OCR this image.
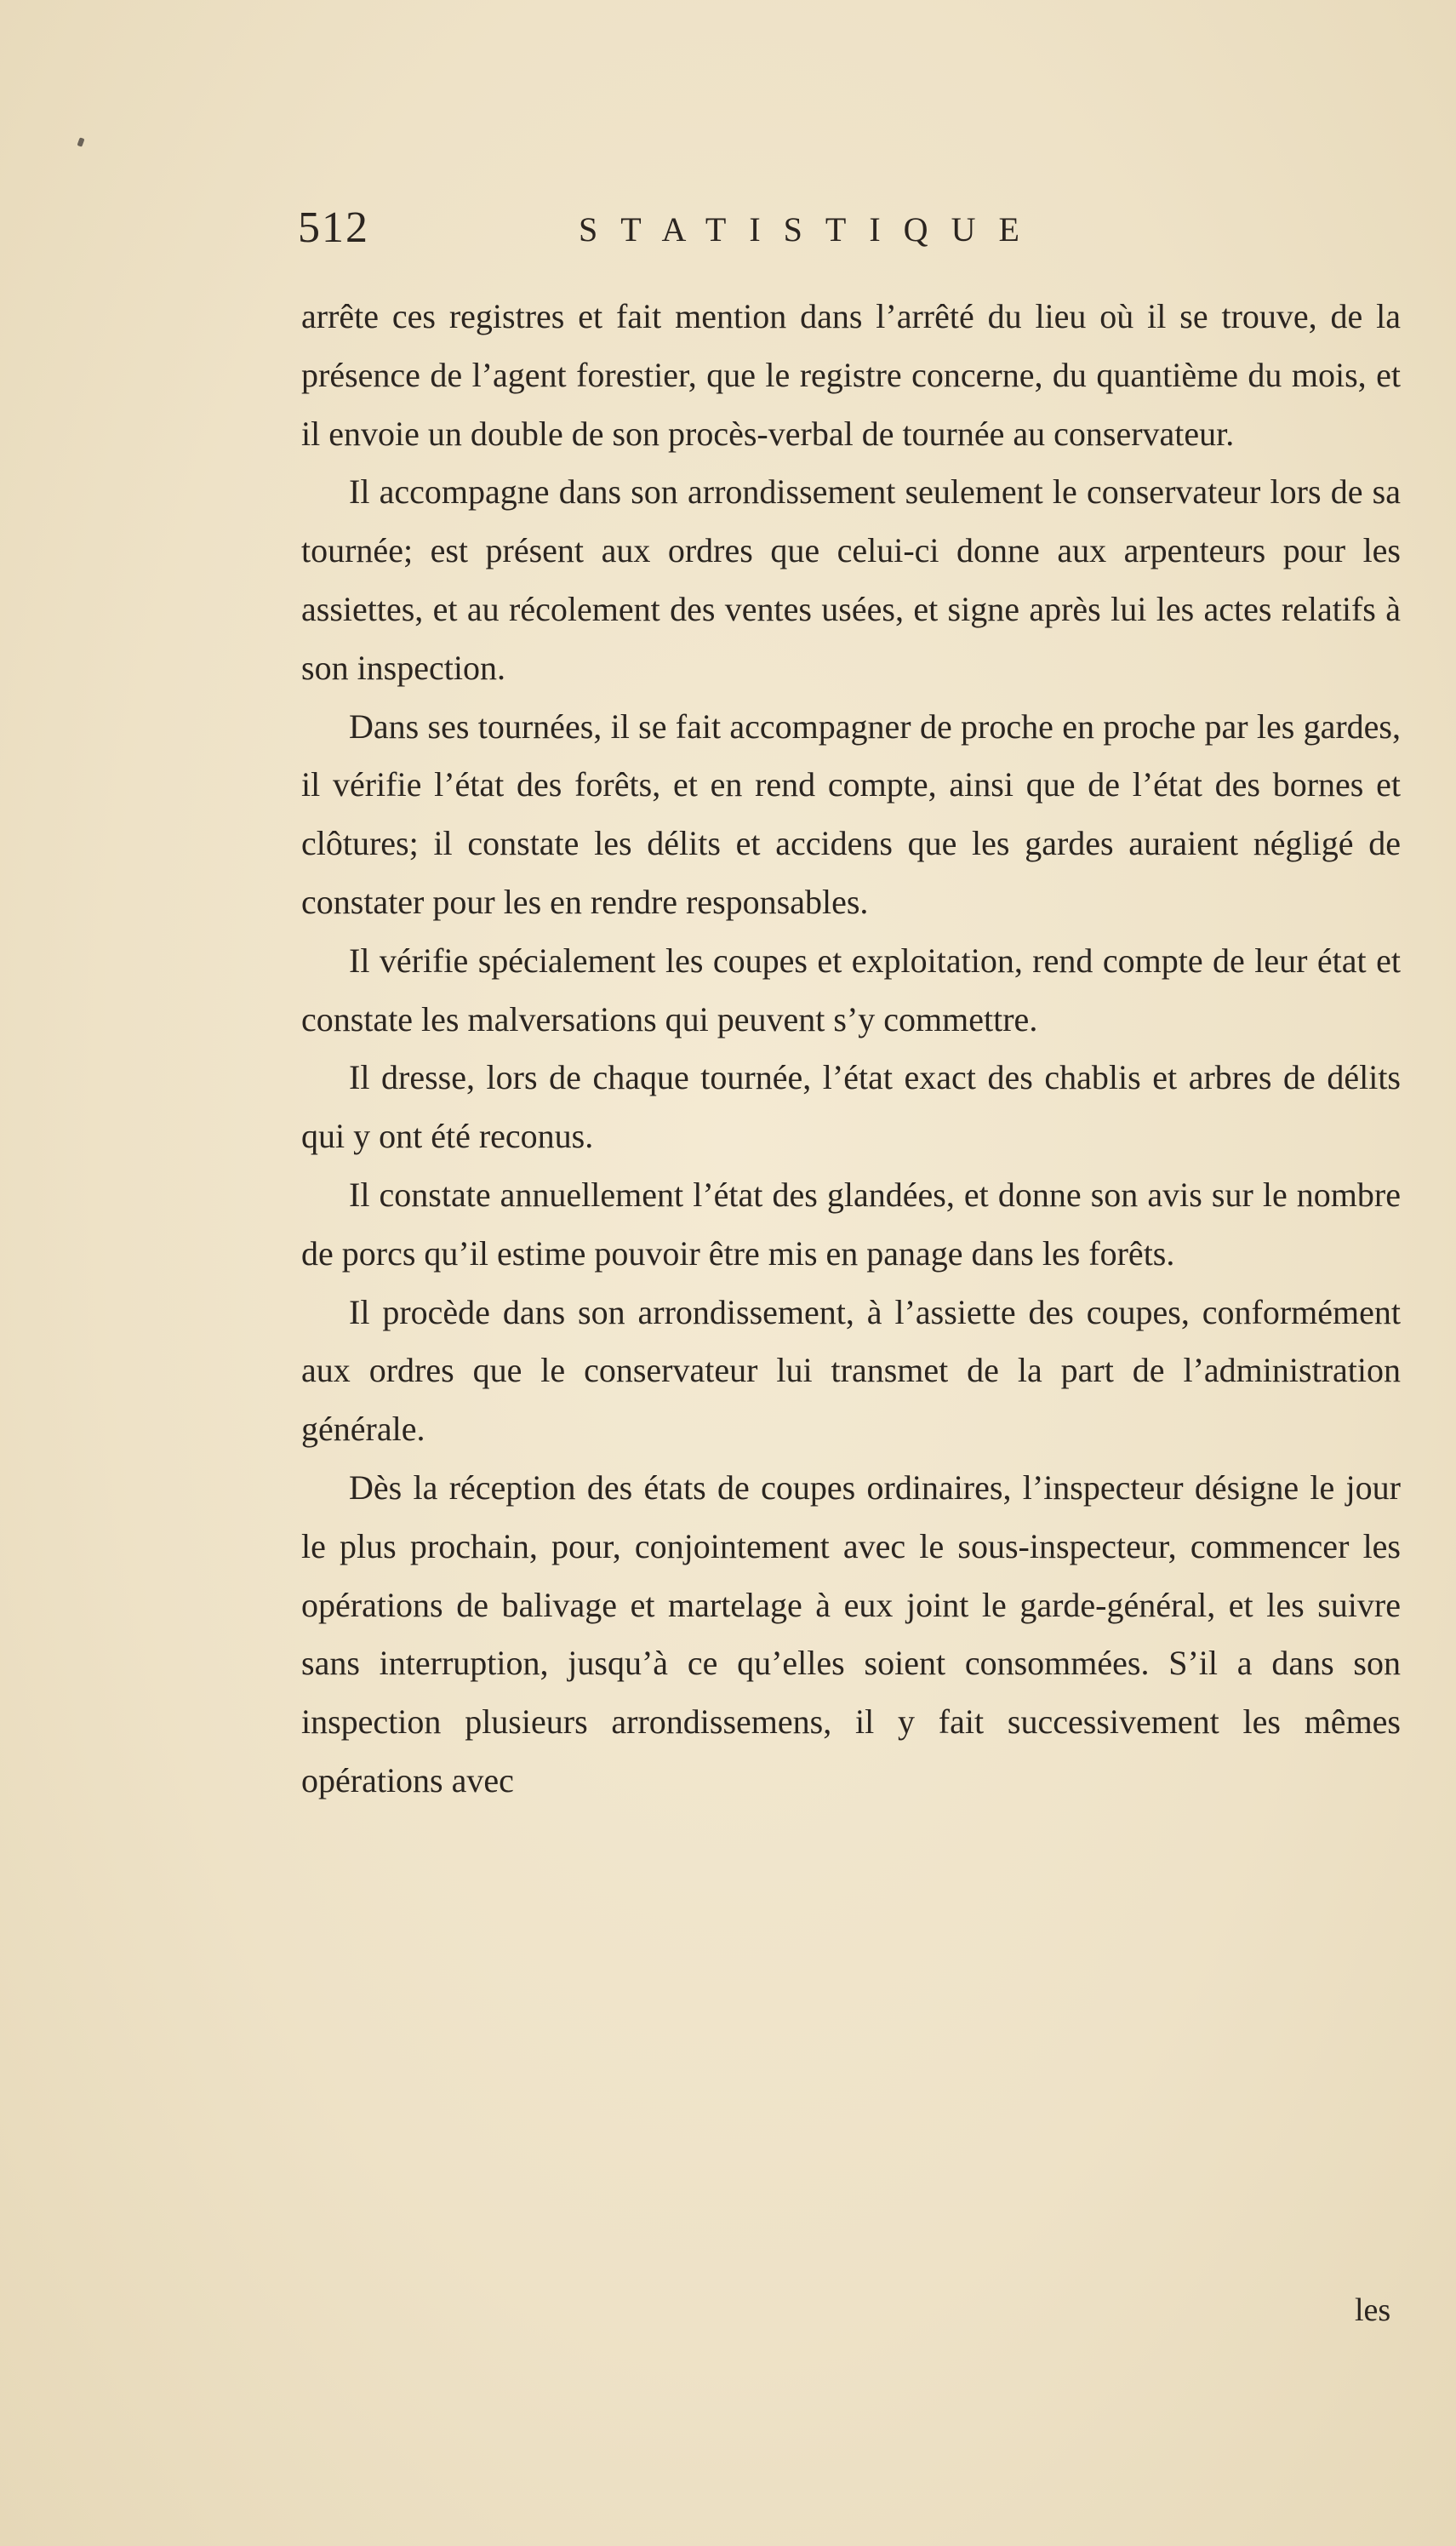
512	STATISTIQUE

arrête ces registres et fait mention dans l’arrêté du lieu où il se trouve, de la présence de l’agent forestier, que le registre concerne, du quantième du mois, et il envoie un double de son procès-verbal de tournée au conservateur.

Il accompagne dans son arrondissement seulement le conservateur lors de sa tournée; est présent aux ordres que celui-ci donne aux arpenteurs pour les assiettes, et au récolement des ventes usées, et signe après lui les actes relatifs à son inspection.

Dans ses tournées, il se fait accompagner de proche en proche par les gardes, il vérifie l’état des forêts, et en rend compte, ainsi que de l’état des bornes et clôtures; il constate les délits et accidens que les gardes auraient négligé de constater pour les en rendre responsables.

Il vérifie spécialement les coupes et exploitation, rend compte de leur état et constate les malversations qui peuvent s’y commettre.

Il dresse, lors de chaque tournée, l’état exact des chablis et arbres de délits qui y ont été reconus.

Il constate annuellement l’état des glandées, et donne son avis sur le nombre de porcs qu’il estime pouvoir être mis en panage dans les forêts.

Il procède dans son arrondissement, à l’assiette des coupes, conformément aux ordres que le conservateur lui transmet de la part de l’administration générale.

Dès la réception des états de coupes ordinaires, l’inspecteur désigne le jour le plus prochain, pour, conjointement avec le sous-inspecteur, commencer les opérations de balivage et martelage à eux joint le garde-général, et les suivre sans interruption, jusqu’à ce qu’elles soient consommées. S’il a dans son inspection plusieurs arrondissemens, il y fait successivement les mêmes opérations avec

les
